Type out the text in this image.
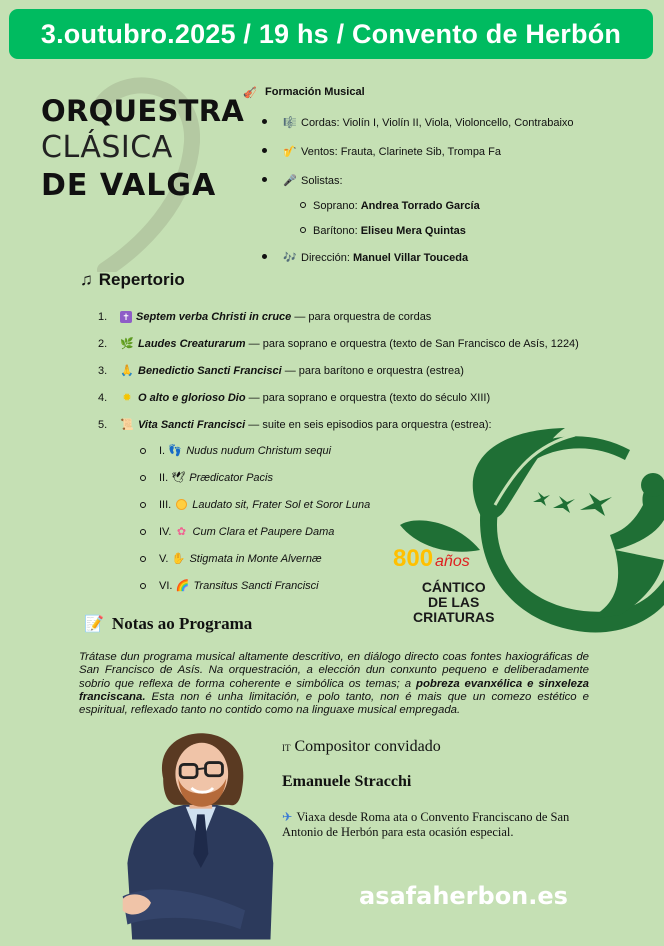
3.outubro.2025 / 19 hs / Convento de Herbón
ORQUESTRA
CLÁSICA
DE VALGA
🎻 Formación Musical
🎼 Cordas:
Violín I, Violín II, Viola, Violoncello, Contrabaixo
🎷 Ventos:
Frauta, Clarinete Sib, Trompa Fa
🎤 Solistas:
Soprano:
Andrea Torrado García
Barítono:
Eliseu Mera Quintas
🎶 Dirección:
Manuel Villar Touceda
♫ Repertorio
1.	✝ Septem verba Christi in cruce
— para orquestra de cordas
2.	🌿 Laudes Creaturarum
— para soprano e orquestra (texto de San Francisco de Asís, 1224)
3.	🙏 Benedictio Sancti Francisci
— para barítono e orquestra (estrea)
4.	✹ O alto e glorioso Dio
— para soprano e orquestra (texto do século XIII)
5.	📜 Vita Sancti Francisci
— suite en seis episodios para orquestra (estrea):
I.
👣 Nudus nudum Christum sequi
II.
🕊 Prædicator Pacis
III.
Laudato sit, Frater Sol et Soror Luna
IV.
✿ Cum Clara et Paupere Dama
V.
✋ Stigmata in Monte Alvernæ
VI.
🌈 Transitus Sancti Francisci
800 años
CÁNTICO
DE LAS
CRIATURAS
📝 Notas ao Programa
Trátase dun programa musical altamente descritivo, en diálogo directo coas fontes haxiográficas de San Francisco de Asís. Na orquestración, a elección dun conxunto pequeno e deliberadamente sobrio que reflexa de forma coherente e simbólica os temas; a pobreza evanxélica e sinxeleza franciscana. Esta non é unha limitación, e polo tanto, non é mais que un comezo estético e espiritual, reflexado tanto no contido como na linguaxe musical empregada.
IT Compositor convidado
Emanuele Stracchi
✈ Viaxa desde Roma ata o Convento Franciscano de San Antonio de Herbón para esta ocasión especial.
asafaherbon.es
